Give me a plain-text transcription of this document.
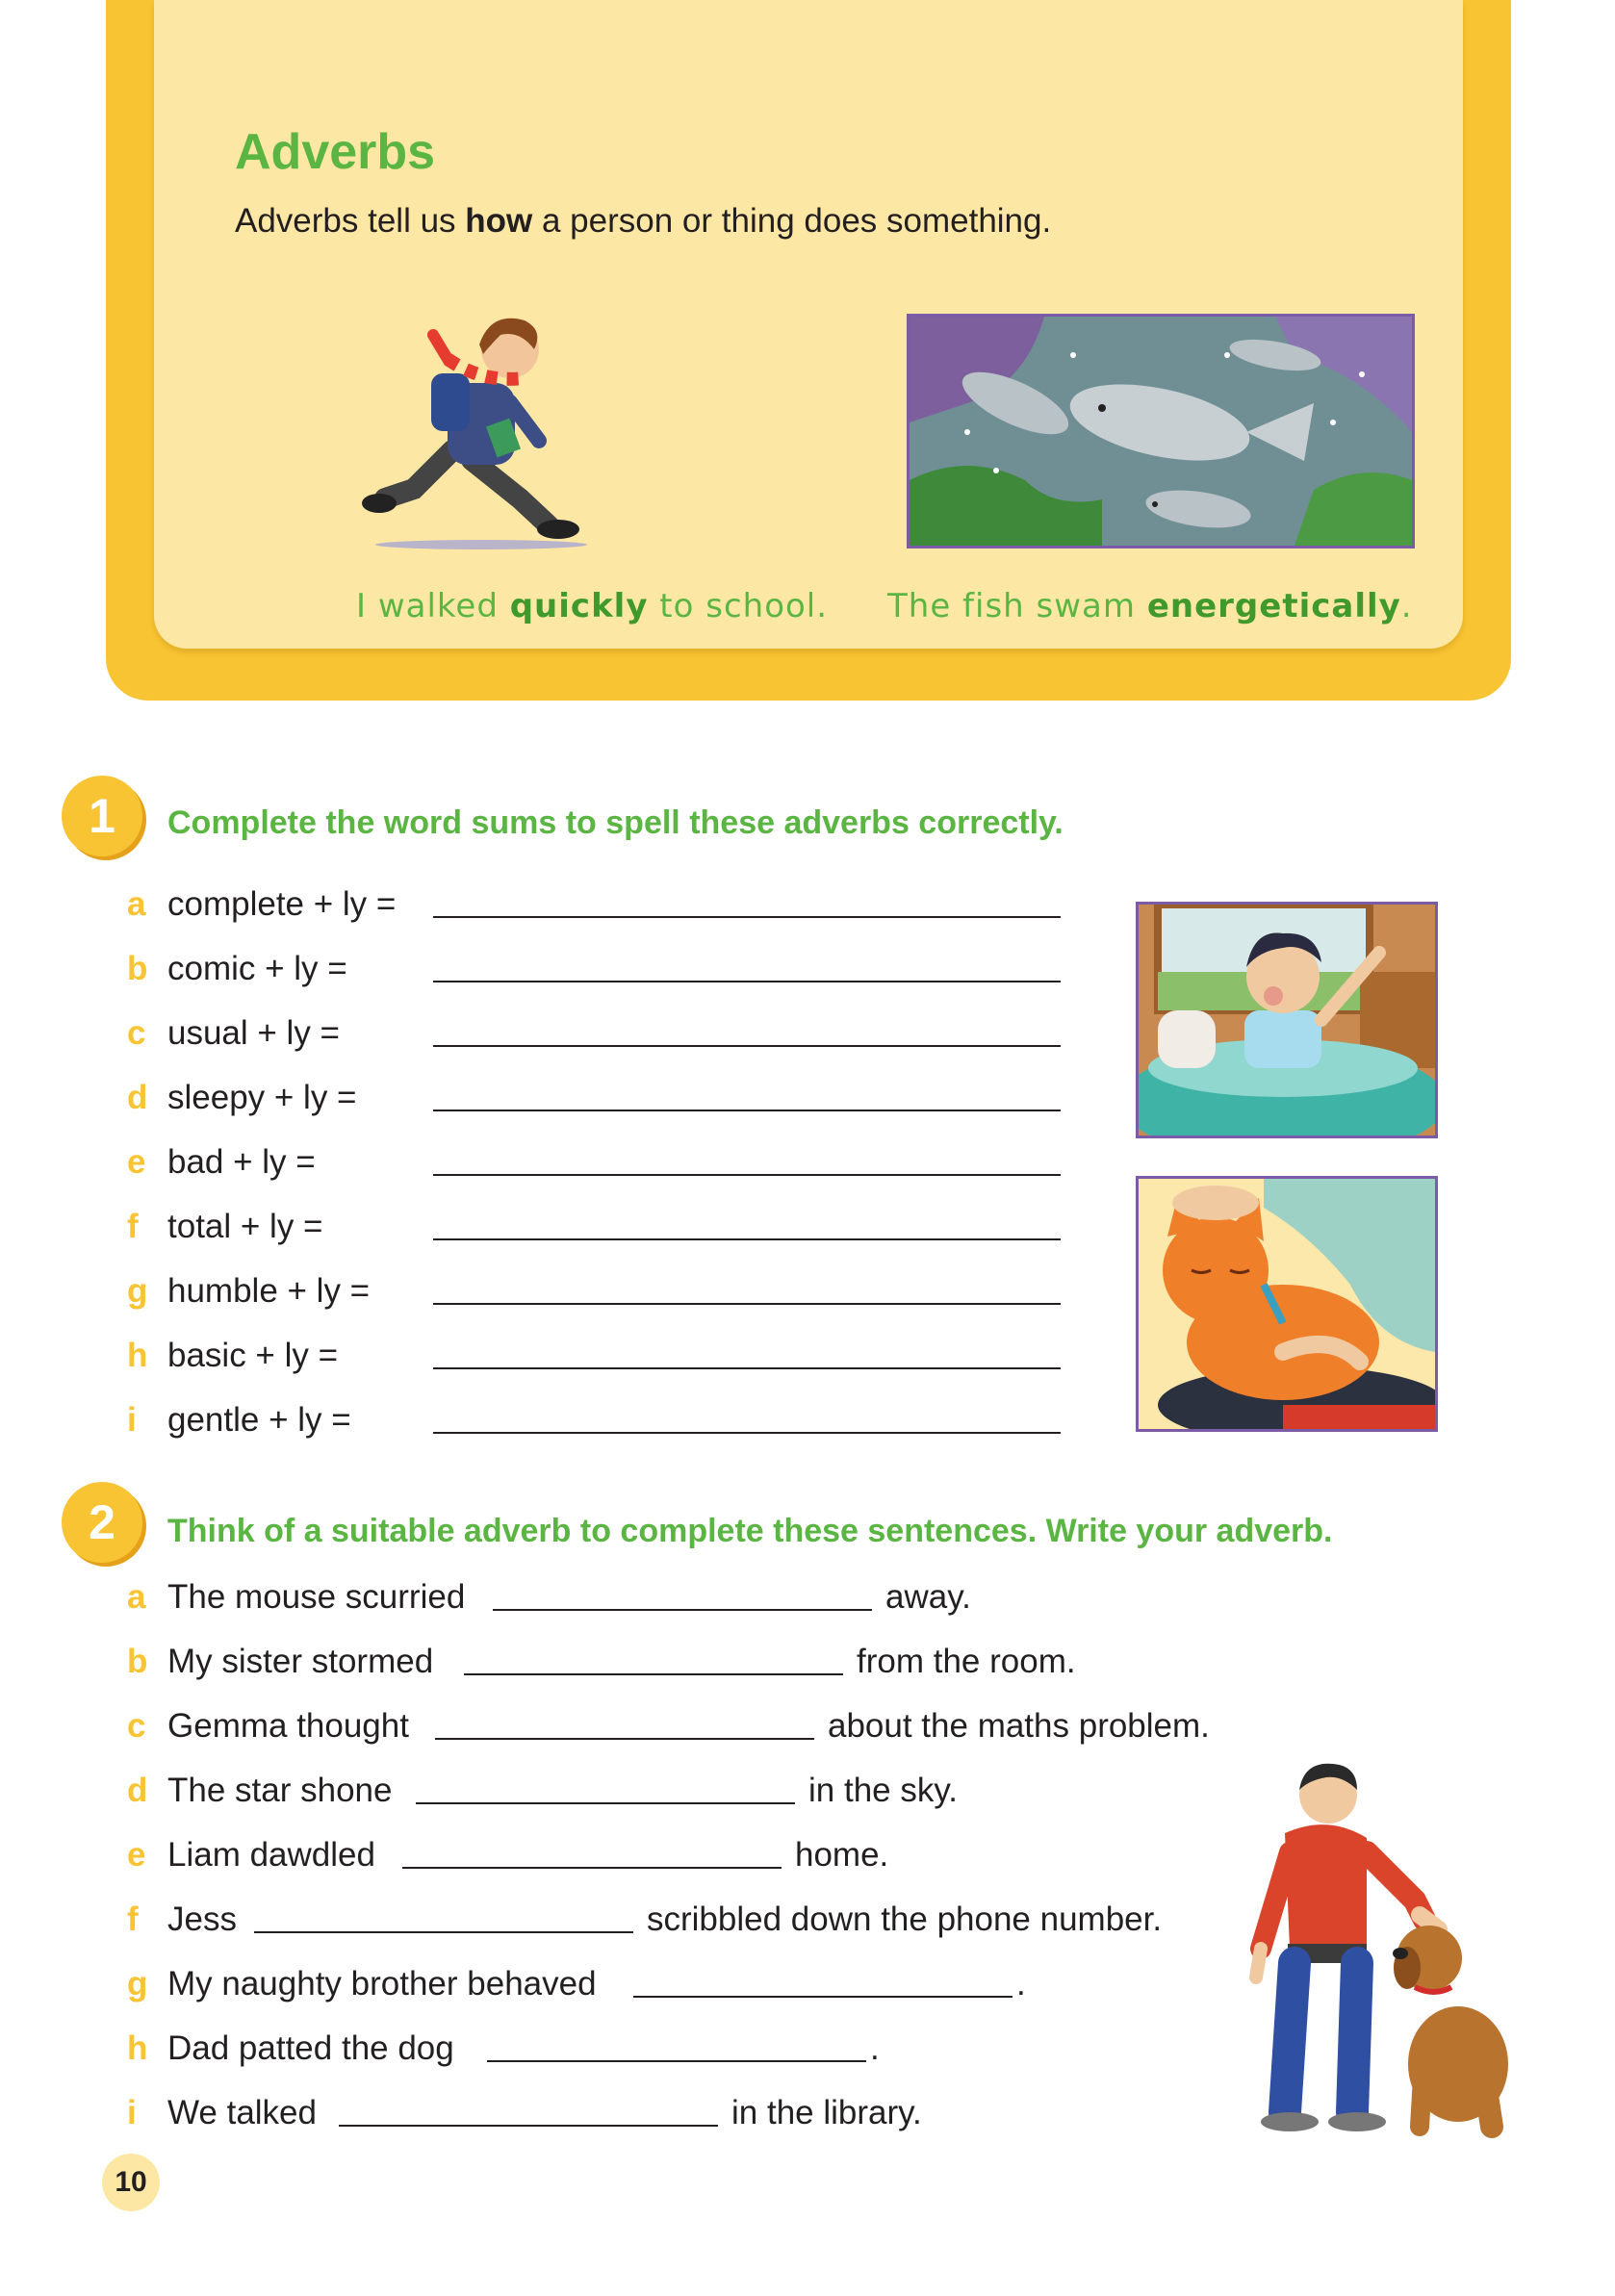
Adverbs

Adverbs tell us how a person or thing does something.

I walked quickly to school. The fish swam energetically.

1	Complete the word sums to spell these adverbs correctly.

a complete + ly =
b comic + ly =
c usual + ly =
d sleepy + ly =
e bad + ly =
f total + ly =
g humble + ly =
h basic + ly =
i gentle + ly =
2	Think of a suitable adverb to complete these sentences. Write your adverb.

a The mouse scurried	away.
b My sister stormed	from the room.
c Gemma thought	about the maths problem.
d The star shone	in the sky.
e Liam dawdled	home.
f Jess	scribbled down the phone number.
g My naughty brother behaved	.
h Dad patted the dog	.
i We talked	in the library.
10
